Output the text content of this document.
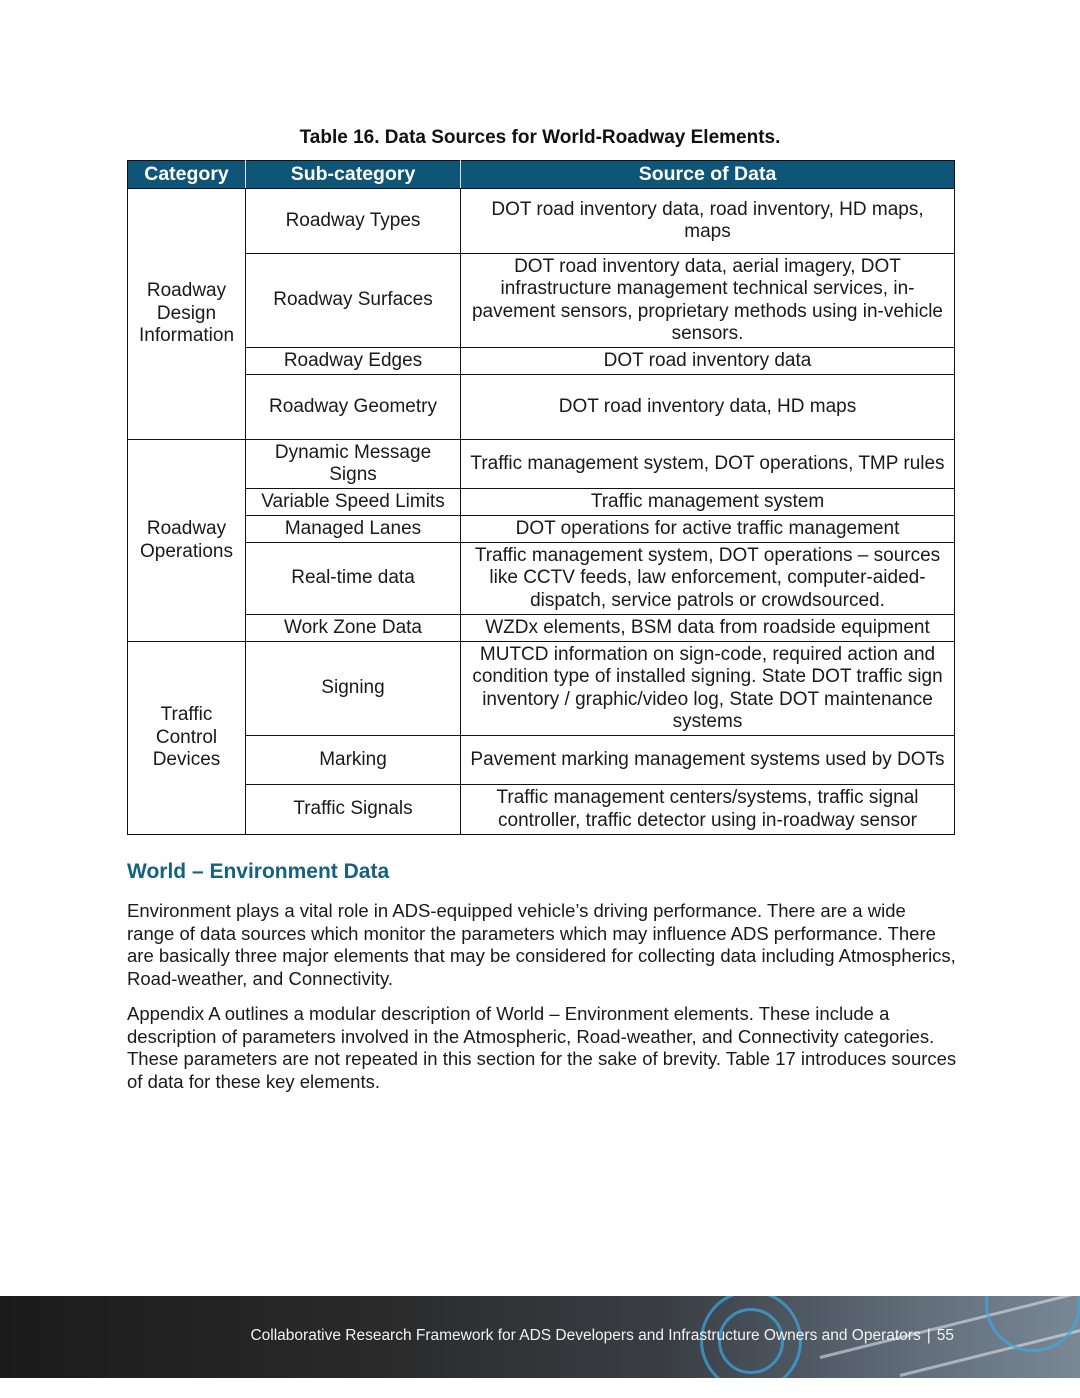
Table 16. Data Sources for World-Roadway Elements.
Category	Sub-category	Source of Data
Roadway Design Information	Roadway Types	DOT road inventory data, road inventory, HD maps, maps
	Roadway Surfaces	DOT road inventory data, aerial imagery, DOT infrastructure management technical services, in-pavement sensors, proprietary methods using in-vehicle sensors.
	Roadway Edges	DOT road inventory data
	Roadway Geometry	DOT road inventory data, HD maps
Roadway Operations	Dynamic Message Signs	Traffic management system, DOT operations, TMP rules
	Variable Speed Limits	Traffic management system
	Managed Lanes	DOT operations for active traffic management
	Real-time data	Traffic management system, DOT operations – sources like CCTV feeds, law enforcement, computer-aided-dispatch, service patrols or crowdsourced.
	Work Zone Data	WZDx elements, BSM data from roadside equipment
Traffic Control Devices	Signing	MUTCD information on sign-code, required action and condition type of installed signing. State DOT traffic sign inventory / graphic/video log, State DOT maintenance systems
	Marking	Pavement marking management systems used by DOTs
	Traffic Signals	Traffic management centers/systems, traffic signal controller, traffic detector using in-roadway sensor
World – Environment Data

Environment plays a vital role in ADS-equipped vehicle’s driving performance. There are a wide range of data sources which monitor the parameters which may influence ADS performance. There are basically three major elements that may be considered for collecting data including Atmospherics, Road-weather, and Connectivity.

Appendix A outlines a modular description of World – Environment elements. These include a description of parameters involved in the Atmospheric, Road-weather, and Connectivity categories. These parameters are not repeated in this section for the sake of brevity. Table 17 introduces sources of data for these key elements.

Collaborative Research Framework for ADS Developers and Infrastructure Owners and Operators | 55
